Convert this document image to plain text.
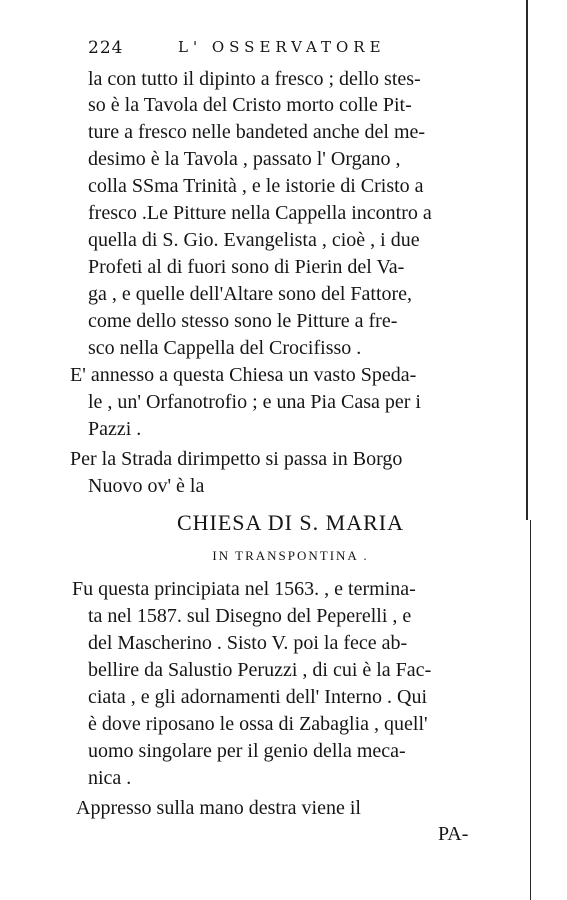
224	L' OSSERVATORE
la con tutto il dipinto a fresco ; dello stes-
so è la Tavola del Cristo morto colle Pit-
ture a fresco nelle bandeted anche del me-
desimo è la Tavola , passato l' Organo ,
colla SSma Trinità , e le istorie di Cristo a
fresco .Le Pitture nella Cappella incontro a
quella di S. Gio. Evangelista , cioè , i due
Profeti al di fuori sono di Pierin del Va-
ga , e quelle dell'Altare sono del Fattore,
come dello stesso sono le Pitture a fre-
sco nella Cappella del Crocifisso .
E' annesso a questa Chiesa un vasto Speda-
le , un' Orfanotrofio ; e una Pia Casa per i
Pazzi .
Per la Strada dirimpetto si passa in Borgo
Nuovo ov' è la
CHIESA DI S. MARIA
IN TRANSPONTINA .
Fu questa principiata nel 1563. , e termina-
ta nel 1587. sul Disegno del Peperelli , e
del Mascherino . Sisto V. poi la fece ab-
bellire da Salustio Peruzzi , di cui è la Fac-
ciata , e gli adornamenti dell' Interno . Qui
è dove riposano le ossa di Zabaglia , quell'
uomo singolare per il genio della meca-
nica .
Appresso sulla mano destra viene il
PA-
